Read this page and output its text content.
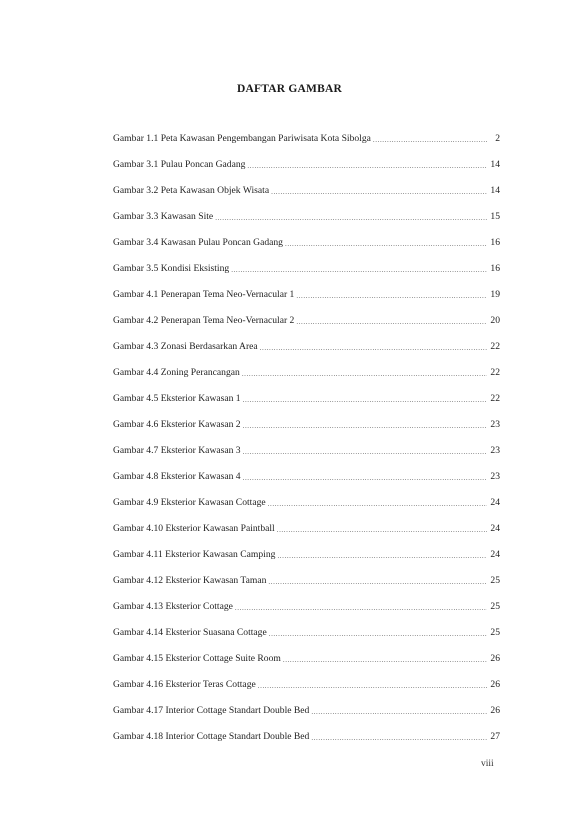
DAFTAR GAMBAR
Gambar 1.1 Peta Kawasan Pengembangan Pariwisata Kota Sibolga .....	2
Gambar 3.1 Pulau Poncan Gadang .....	14
Gambar 3.2 Peta Kawasan Objek Wisata .....	14
Gambar 3.3 Kawasan Site .....	15
Gambar 3.4 Kawasan Pulau Poncan Gadang .....	16
Gambar 3.5 Kondisi Eksisting .....	16
Gambar 4.1 Penerapan Tema Neo-Vernacular 1 .....	19
Gambar 4.2 Penerapan Tema Neo-Vernacular 2 .....	20
Gambar 4.3 Zonasi Berdasarkan Area .....	22
Gambar 4.4 Zoning Perancangan .....	22
Gambar 4.5 Eksterior Kawasan 1 .....	22
Gambar 4.6 Eksterior Kawasan 2 .....	23
Gambar 4.7 Eksterior Kawasan 3 .....	23
Gambar 4.8 Eksterior Kawasan 4 .....	23
Gambar 4.9 Eksterior Kawasan Cottage .....	24
Gambar 4.10 Eksterior Kawasan Paintball .....	24
Gambar 4.11 Eksterior Kawasan Camping .....	24
Gambar 4.12 Eksterior Kawasan Taman .....	25
Gambar 4.13 Eksterior Cottage .....	25
Gambar 4.14 Eksterior Suasana Cottage .....	25
Gambar 4.15 Eksterior Cottage Suite Room .....	26
Gambar 4.16 Eksterior Teras Cottage .....	26
Gambar 4.17 Interior Cottage Standart Double Bed .....	26
Gambar 4.18 Interior Cottage Standart Double Bed .....	27
viii
